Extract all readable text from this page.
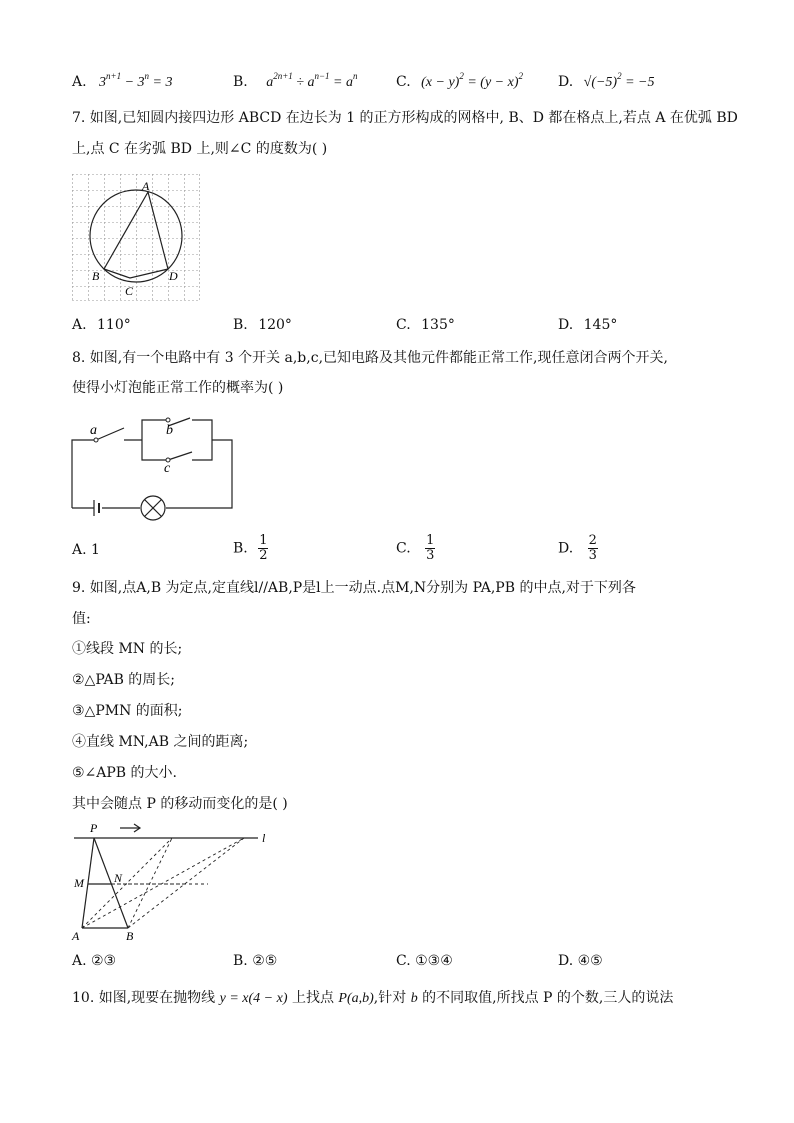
A. $3^{n+1} - 3^n = 3$	B. $a^{2n+1} \div a^{n-1} = a^n$	C. $(x - y)^2 = (y - x)^2$	D. $√(-5)^2 = -5$
7. 如图,已知圆内接四边形 ABCD 在边长为 1 的正方形构成的网格中, B、D 都在格点上,若点 A 在优弧 BD
上,点 C 在劣弧 BD 上,则∠C 的度数为( )
A
B
C
D
A. 110°	B. 120°	C. 135°	D. 145°
8. 如图,有一个电路中有 3 个开关 a,b,c,已知电路及其他元件都能正常工作,现任意闭合两个开关,
使得小灯泡能正常工作的概率为( )
a	b
c
A. 1	B. $\frac{1}{2}$	C. $\frac{1}{3}$	D. $\frac{2}{3}$
9. 如图,点A,B 为定点,定直线l//AB,P是l上一动点.点M,N分别为 PA,PB 的中点,对于下列各
值:
①线段 MN 的长;
②△PAB 的周长;
③△PMN 的面积;
④直线 MN,AB 之间的距离;
⑤∠APB 的大小.
其中会随点 P 的移动而变化的是( )
P
M	N
A	B
l
A. ②③	B. ②⑤	C. ①③④	D. ④⑤
10. 如图,现要在抛物线 y = x(4 − x) 上找点 P(a,b),针对 b 的不同取值,所找点 P 的个数,三人的说法
